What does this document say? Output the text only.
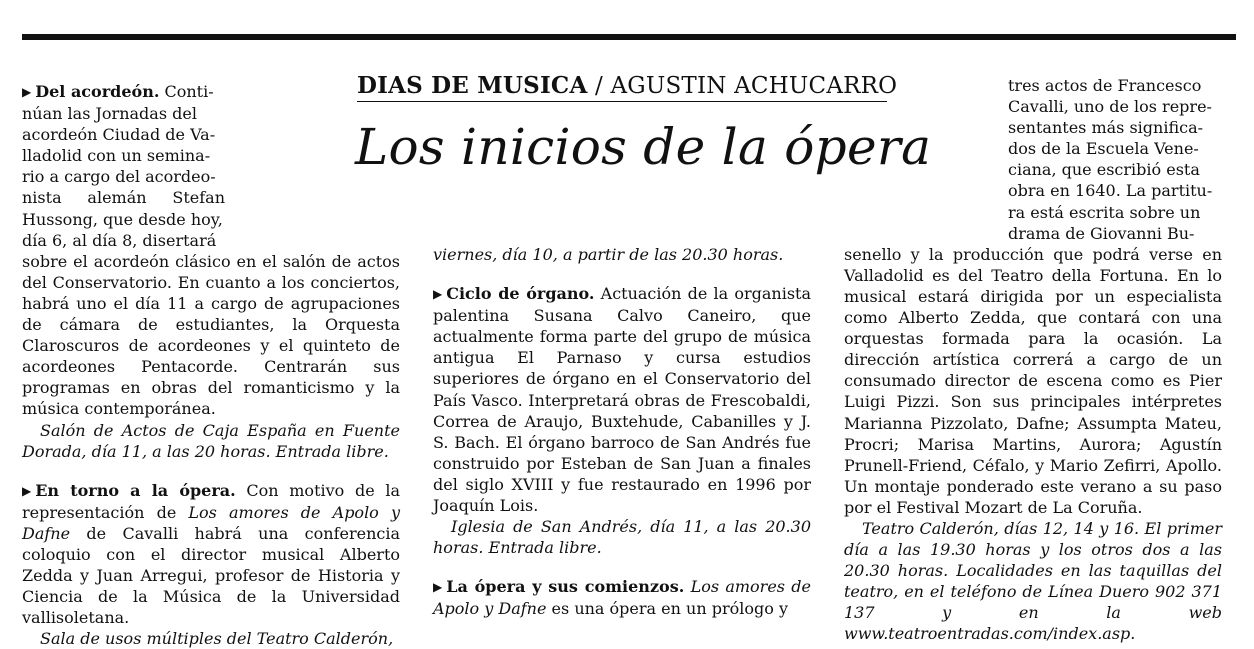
DIAS DE MUSICA / AGUSTIN ACHUCARRO
Los inicios de la ópera

▶ Del acordeón. Conti-

núan las Jornadas del

acordeón Ciudad de Va-

lladolid con un semina-

rio a cargo del acordeo-

nista alemán Stefan

Hussong, que desde hoy,

día 6, al día 8, disertará

sobre el acordeón clásico en el salón de actos del Conservatorio. En cuanto a los conciertos, habrá uno el día 11 a cargo de agrupaciones de cámara de estudiantes, la Orquesta Claroscuros de acordeones y el quinteto de acordeones Pentacorde. Centrarán sus programas en obras del romanticismo y la música contemporánea.

Salón de Actos de Caja España en Fuente Dorada, día 11, a las 20 horas. Entrada libre.

▶ En torno a la ópera. Con motivo de la representación de Los amores de Apolo y Dafne de Cavalli habrá una conferencia coloquio con el director musical Alberto Zedda y Juan Arregui, profesor de Historia y Ciencia de la Música de la Universidad vallisoletana.

Sala de usos múltiples del Teatro Calderón,

viernes, día 10, a partir de las 20.30 horas.

▶ Ciclo de órgano. Actuación de la organista palentina Susana Calvo Caneiro, que actualmente forma parte del grupo de música antigua El Parnaso y cursa estudios superiores de órgano en el Conservatorio del País Vasco. Interpretará obras de Frescobaldi, Correa de Araujo, Buxtehude, Cabanilles y J. S. Bach. El órgano barroco de San Andrés fue construido por Esteban de San Juan a finales del siglo XVIII y fue restaurado en 1996 por Joaquín Lois.

Iglesia de San Andrés, día 11, a las 20.30 horas. Entrada libre.

▶ La ópera y sus comienzos. Los amores de Apolo y Dafne es una ópera en un prólogo y

tres actos de Francesco

Cavalli, uno de los repre-

sentantes más significa-

dos de la Escuela Vene-

ciana, que escribió esta

obra en 1640. La partitu-

ra está escrita sobre un

drama de Giovanni Bu-

senello y la producción que podrá verse en Valladolid es del Teatro della Fortuna. En lo musical estará dirigida por un especialista como Alberto Zedda, que contará con una orquestas formada para la ocasión. La dirección artística correrá a cargo de un consumado director de escena como es Pier Luigi Pizzi. Son sus principales intérpretes Marianna Pizzolato, Dafne; Assumpta Mateu, Procri; Marisa Martins, Aurora; Agustín Prunell-Friend, Céfalo, y Mario Zefirri, Apollo. Un montaje ponderado este verano a su paso por el Festival Mozart de La Coruña.

Teatro Calderón, días 12, 14 y 16. El primer día a las 19.30 horas y los otros dos a las 20.30 horas. Localidades en las taquillas del teatro, en el teléfono de Línea Duero 902 371 137 y en la web www.teatroentradas.com/index.asp.
